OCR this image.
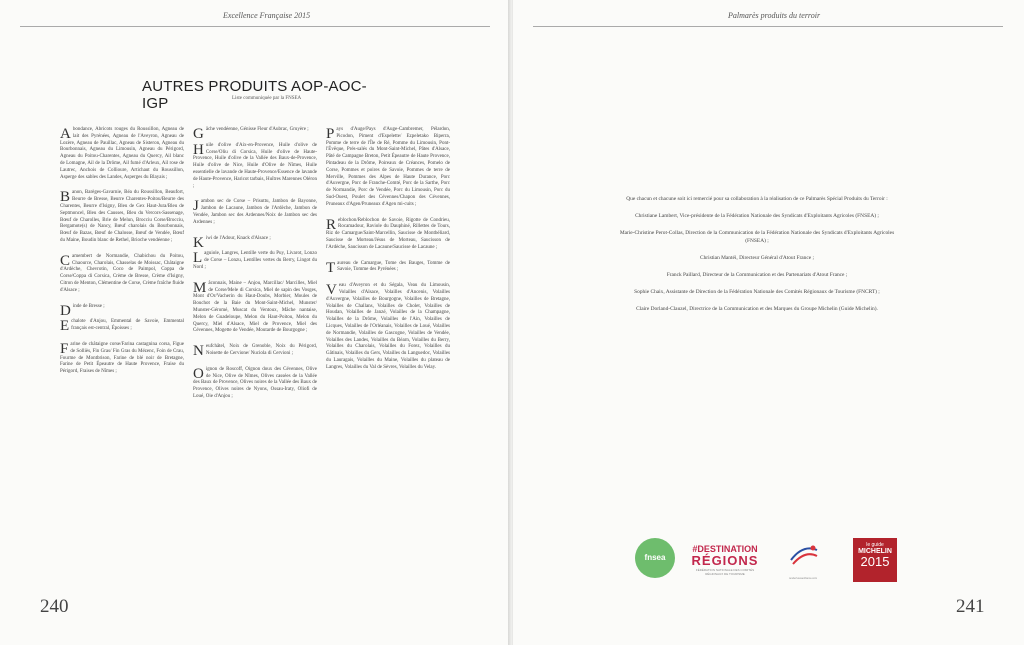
Excellence Française 2015
AUTRES PRODUITS AOP-AOC-IGP	Liste communiquée par la FNSEA
Abondance, Abricots rouges du Roussillon, Agneau de lait des Pyrénées, Agneau de l'Aveyron, Agneau de Lozère, Agneau de Pauillac, Agneau de Sisteron, Agneau du Bourbonnais, Agneau du Limousin, Agneau du Périgord, Agneau du Poitou-Charentes, Agneau du Quercy, Ail blanc de Lomagne, Ail de la Drôme, Ail fumé d'Arleux, Ail rose de Lautrec, Anchois de Collioure, Artichaut du Roussillon, Asperge des sables des Landes, Asperges du Blayais ;
Banon, Barèges-Gavarnie, Béa du Roussillon, Beaufort, Beurre de Bresse, Beurre Charentes-Poitou/Beurre des Charentes, Beurre d'Isigny, Bleu de Gex Haut-Jura/Bleu de Septmoncel, Bleu des Causses, Bleu du Vercors-Sassenage, Bœuf de Charolles, Brie de Melun, Brocciu Corse/Brocciu, Bergamote(s) de Nancy, Bœuf charolais du Bourbonnais, Bœuf de Bazas, Bœuf de Chalosse, Bœuf de Vendée, Bœuf du Maine, Boudin blanc de Rethel, Brioche vendéenne ;
Camembert de Normandie, Chabichou du Poitou, Chaource, Charolais, Chasselas de Moissac, Châtaigne d'Ardèche, Chevrotin, Coco de Paimpol, Coppa de Corse/Coppa di Corsica, Crème de Bresse, Crème d'Isigny, Citron de Menton, Clémentine de Corse, Crème fraîche fluide d'Alsace ;
Dinde de Bresse ;
Echalote d'Anjou, Emmental de Savoie, Emmental français est-central, Époisses ;
Farine de châtaigne corse/Farina castagnina corsa, Figue de Solliès, Fin Gras/ Fin Gras du Mézenc, Foin de Crau, Fourme de Montbrison, Farine de blé noir de Bretagne, Farine de Petit Épeautre de Haute Provence, Fraise du Périgord, Fraises de Nîmes ;
Gâche vendéenne, Génisse Fleur d'Aubrac, Gruyère ;
Huile d'olive d'Aix-en-Provence, Huile d'olive de Corse/Oliu di Corsica, Huile d'olive de Haute-Provence, Huile d'olive de la Vallée des Baux-de-Provence, Huile d'olive de Nice, Huile d'Olive de Nîmes, Huile essentielle de lavande de Haute-Provence/Essence de lavande de Haute-Provence, Haricot tarbais, Huîtres Marennes Oléron ;
Jambon sec de Corse – Prisuttu, Jambon de Bayonne, Jambon de Lacaune, Jambon de l'Ardèche, Jambon de Vendée, Jambon sec des Ardennes/Noix de Jambon sec des Ardennes ;
Kiwi de l'Adour, Knack d'Alsace ;
Laguiole, Langres, Lentille verte du Puy, Livarot, Lonzo de Corse – Lonzu, Lentilles vertes du Berry, Lingot du Nord ;
Mâconnais, Maine – Anjou, Marcillac/ Marcilles, Miel de Corse/Mele di Corsica, Miel de sapin des Vosges, Mont d'Or/Vacherin du Haut-Doubs, Morbier, Moules de Bouchot de la Baie du Mont-Saint-Michel, Munster/ Munster-Géromé, Muscat du Ventoux, Mâche nantaise, Melon de Guadeloupe, Melon du Haut-Poitou, Melon du Quercy, Miel d'Alsace, Miel de Provence, Miel des Cévennes, Mogette de Vendée, Moutarde de Bourgogne ;
Neufchâtel, Noix de Grenoble, Noix du Périgord, Noisette de Cervione/ Nuciola di Cervioni ;
Oignon de Roscoff, Oignon doux des Cévennes, Olive de Nice, Olive de Nîmes, Olives cassées de la Vallée des Baux de Provence, Olives noires de la Vallée des Baux de Provence, Olives noires de Nyons, Ossau-Iraty, Oliofi de Loué, Oie d'Anjou ;
Pays d'Auge/Pays d'Auge-Cambremer, Pélardon, Picodon, Piment d'Espelette/ Ezpeletako Biperra, Pomme de terre de l'Île de Ré, Pomme du Limousin, Pont-l'Évêque, Prés-salés du Mont-Saint-Michel, Pâtes d'Alsace, Pâté de Campagne Breton, Petit Épeautre de Haute Provence, Pintadeau de la Drôme, Poireaux de Créances, Pomelo de Corse, Pommes et poires de Savoie, Pommes de terre de Merville, Pommes des Alpes de Haute Durance, Porc d'Auvergne, Porc de Franche-Comté, Porc de la Sarthe, Porc de Normandie, Porc de Vendée, Porc du Limousin, Porc du Sud-Ouest, Poulet des Cévennes/Chapon des Cévennes, Pruneaux d'Agen/Pruneaux d'Agen mi-cuits ;
Reblochon/Reblochon de Savoie, Rigotte de Condrieu, Rocamadour, Raviole du Dauphiné, Rillettes de Tours, Riz de Camargue/Saint-Marcellin, Saucisse de Montbéliard, Saucisse de Morteau/Jésus de Morteau, Saucisson de l'Ardèche, Saucisson de Lacaune/Saucisse de Lacaune ;
Taureau de Camargue, Tome des Bauges, Tomme de Savoie, Tomme des Pyrénées ;
Veau d'Aveyron et du Ségala, Veau du Limousin, Volailles d'Alsace, Volailles d'Ancenis, Volailles d'Auvergne, Volailles de Bourgogne, Volailles de Bretagne, Volailles de Challans, Volailles de Cholet, Volailles de Houdan, Volailles de Janzé, Volailles de la Champagne, Volailles de la Drôme, Volailles de l'Ain, Volailles de Licques, Volailles de l'Orléanais, Volailles de Loué, Volailles de Normandie, Volailles de Gascogne, Volailles de Vendée, Volailles des Landes, Volailles du Béarn, Volailles du Berry, Volailles du Charolais, Volailles du Forez, Volailles du Gâtinais, Volailles du Gers, Volailles du Languedoc, Volailles du Lauragais, Volailles du Maine, Volailles du plateau de Langres, Volailles du Val de Sèvres, Volailles du Velay.
240
Palmarès produits du terroir
241

Que chacun et chacune soit ici remercié pour sa collaboration à la réalisation de ce Palmarès Spécial Produits du Terroir :

Christiane Lambert, Vice-présidente de la Fédération Nationale des Syndicats d'Exploitants Agricoles (FNSEA) ;

Marie-Christine Perot-Collas, Direction de la Communication de la Fédération Nationale des Syndicats d'Exploitants Agricoles (FNSEA) ;

Christian Mantéi, Directeur Général d'Atout France ;

Franck Paillard, Directeur de la Communication et des Partenariats d'Atout France ;

Sophie Chaix, Assistante de Direction de la Fédération Nationale des Comités Régionaux de Tourisme (FNCRT) ;

Claire Dorland-Clauzel, Directrice de la Communication et des Marques du Groupe Michelin (Guide Michelin).

fnsea
#DESTINATION
RÉGIONS
FÉDÉRATION NATIONALE DES COMITÉS RÉGIONAUX DE TOURISME
rendezvousenfrance.com
le guide
MICHELIN
2015
